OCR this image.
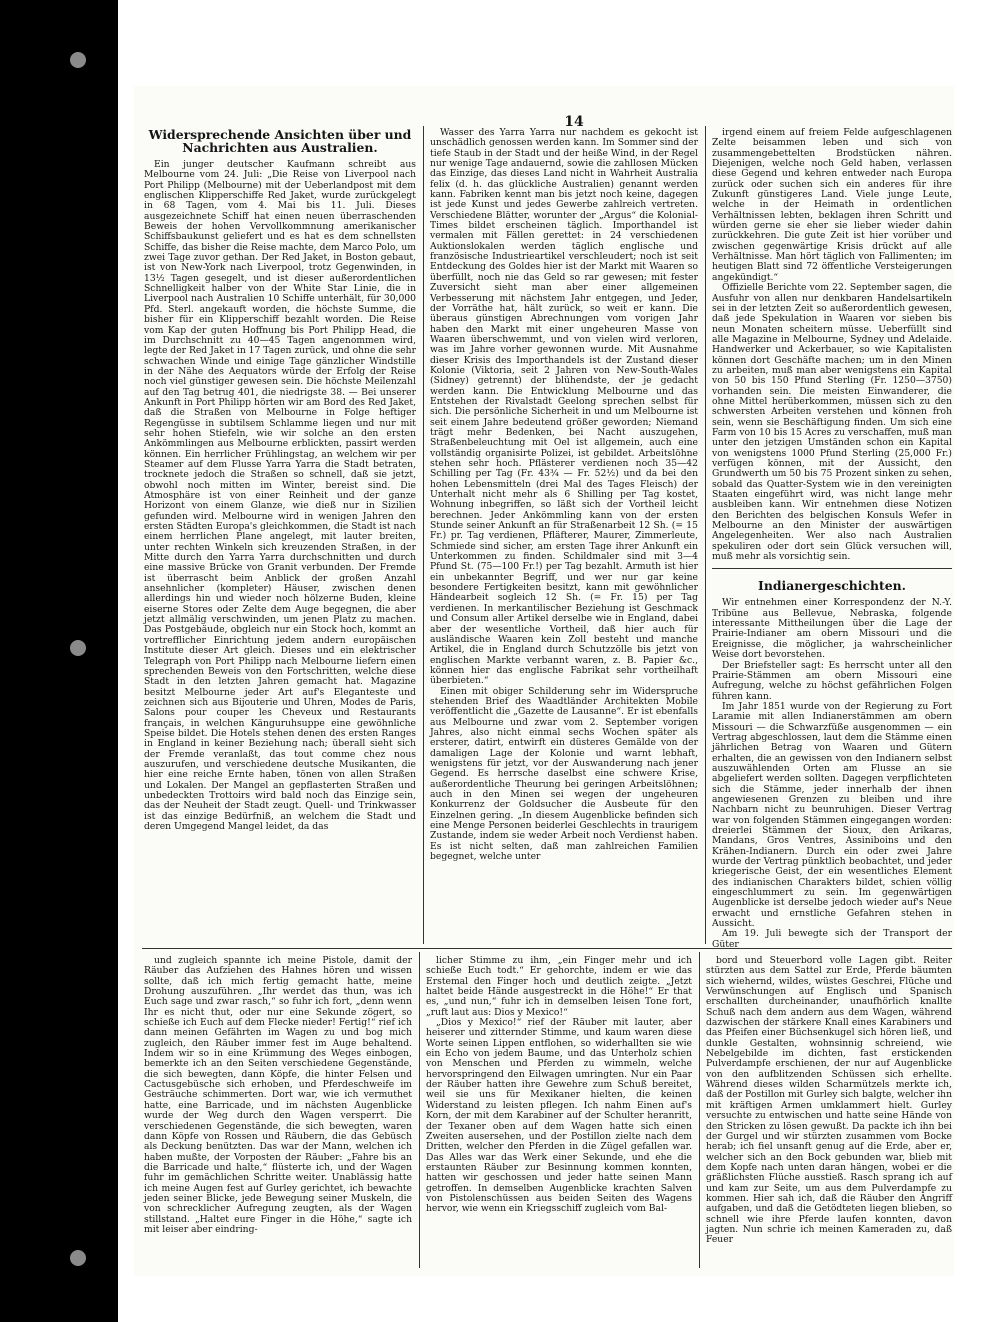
14
Widersprechende Ansichten über und Nachrichten aus Australien.

Ein junger deutscher Kaufmann schreibt aus Melbourne vom 24. Juli: „Die Reise von Liverpool nach Port Philipp (Melbourne) mit der Ueberlandpost mit dem englischen Klipperschiffe Red Jaket, wurde zurückgelegt in 68 Tagen, vom 4. Mai bis 11. Juli. Dieses ausgezeichnete Schiff hat einen neuen überraschenden Beweis der hohen Vervollkommnung amerikanischer Schiffsbaukunst geliefert und es hat es dem schnellsten Schiffe, das bisher die Reise machte, dem Marco Polo, um zwei Tage zuvor gethan. Der Red Jaket, in Boston gebaut, ist von New-York nach Liverpool, trotz Gegenwinden, in 13½ Tagen gesegelt, und ist dieser außerordentlichen Schnelligkeit halber von der White Star Linie, die in Liverpool nach Australien 10 Schiffe unterhält, für 30,000 Pfd. Sterl. angekauft worden, die höchste Summe, die bisher für ein Klipperschiff bezahlt worden. Die Reise vom Kap der guten Hoffnung bis Port Philipp Head, die im Durchschnitt zu 40—45 Tagen angenommen wird, legte der Red Jaket in 17 Tagen zurück, und ohne die sehr schwachen Winde und einige Tage gänzlicher Windstille in der Nähe des Aequators würde der Erfolg der Reise noch viel günstiger gewesen sein. Die höchste Meilenzahl auf den Tag betrug 401, die niedrigste 38. — Bei unserer Ankunft in Port Philipp hörten wir am Bord des Red Jaket, daß die Straßen von Melbourne in Folge heftiger Regengüsse in subtilsem Schlamme liegen und nur mit sehr hohen Stiefeln, wie wir solche an den ersten Ankömmlingen aus Melbourne erblickten, passirt werden können. Ein herrlicher Frühlingstag, an welchem wir per Steamer auf dem Flusse Yarra Yarra die Stadt betraten, trocknete jedoch die Straßen so schnell, daß sie jetzt, obwohl noch mitten im Winter, bereist sind. Die Atmosphäre ist von einer Reinheit und der ganze Horizont von einem Glanze, wie dieß nur in Sizilien gefunden wird. Melbourne wird in wenigen Jahren den ersten Städten Europa's gleichkommen, die Stadt ist nach einem herrlichen Plane angelegt, mit lauter breiten, unter rechten Winkeln sich kreuzenden Straßen, in der Mitte durch den Yarra Yarra durchschnitten und durch eine massive Brücke von Granit verbunden. Der Fremde ist überrascht beim Anblick der großen Anzahl ansehnlicher (kompleter) Häuser, zwischen denen allerdings hin und wieder noch hölzerne Buden, kleine eiserne Stores oder Zelte dem Auge begegnen, die aber jetzt allmälig verschwinden, um jenen Platz zu machen. Das Postgebäude, obgleich nur ein Stock hoch, kommt an vortrefflicher Einrichtung jedem andern europäischen Institute dieser Art gleich. Dieses und ein elektrischer Telegraph von Port Philipp nach Melbourne liefern einen sprechenden Beweis von den Fortschritten, welche diese Stadt in den letzten Jahren gemacht hat. Magazine besitzt Melbourne jeder Art auf's Eleganteste und zeichnen sich aus Bijouterie und Uhren, Modes de Paris, Salons pour couper les Cheveux und Restaurants français, in welchen Känguruhsuppe eine gewöhnliche Speise bildet. Die Hotels stehen denen des ersten Ranges in England in keiner Beziehung nach; überall sieht sich der Fremde veranlaßt, das tout comme chez nous auszurufen, und verschiedene deutsche Musikanten, die hier eine reiche Ernte haben, tönen von allen Straßen und Lokalen. Der Mangel an gepflasterten Straßen und unbedeckten Trottoirs wird bald noch das Einzige sein, das der Neuheit der Stadt zeugt. Quell- und Trinkwasser ist das einzige Bedürfniß, an welchem die Stadt und deren Umgegend Mangel leidet, da das

Wasser des Yarra Yarra nur nachdem es gekocht ist unschädlich genossen werden kann. Im Sommer sind der tiefe Staub in der Stadt und der heiße Wind, in der Regel nur wenige Tage andauernd, sowie die zahllosen Mücken das Einzige, das dieses Land nicht in Wahrheit Australia felix (d. h. das glückliche Australien) genannt werden kann. Fabriken kennt man bis jetzt noch keine, dagegen ist jede Kunst und jedes Gewerbe zahlreich vertreten. Verschiedene Blätter, worunter der „Argus“ die Kolonial-Times bildet erscheinen täglich. Importhandel ist vermalen mit Fällen gerettet: in 24 verschiedenen Auktionslokalen werden täglich englische und französische Industrieartikel verschleudert; noch ist seit Entdeckung des Goldes hier ist der Markt mit Waaren so überfüllt, noch nie das Geld so rar gewesen; mit fester Zuversicht sieht man aber einer allgemeinen Verbesserung mit nächstem Jahr entgegen, und Jeder, der Vorräthe hat, hält zurück, so weit er kann. Die überaus günstigen Abrechnungen vom vorigen Jahr haben den Markt mit einer ungeheuren Masse von Waaren überschwemmt, und von vielen wird verloren, was im Jahre vorher gewonnen wurde. Mit Ausnahme dieser Krisis des Importhandels ist der Zustand dieser Kolonie (Viktoria, seit 2 Jahren von New-South-Wales (Sidney) getrennt) der blühendste, der je gedacht werden kann. Die Entwicklung Melbourne und das Entstehen der Rivalstadt Geelong sprechen selbst für sich. Die persönliche Sicherheit in und um Melbourne ist seit einem Jahre bedeutend größer geworden; Niemand trägt mehr Bedenken, bei Nacht auszugehen, Straßenbeleuchtung mit Oel ist allgemein, auch eine vollständig organisirte Polizei, ist gebildet. Arbeitslöhne stehen sehr hoch. Pflästerer verdienen noch 35—42 Schilling per Tag (Fr. 43¾ — Fr. 52½) und da bei den hohen Lebensmitteln (drei Mal des Tages Fleisch) der Unterhalt nicht mehr als 6 Shilling per Tag kostet, Wohnung inbegriffen, so läßt sich der Vortheil leicht berechnen. Jeder Ankömmling kann von der ersten Stunde seiner Ankunft an für Straßenarbeit 12 Sh. (= 15 Fr.) pr. Tag verdienen, Pfläfterer, Maurer, Zimmerleute, Schmiede sind sicher, am ersten Tage ihrer Ankunft ein Unterkommen zu finden. Schildmaler sind mit 3—4 Pfund St. (75—100 Fr.!) per Tag bezahlt. Armuth ist hier ein unbekannter Begriff, und wer nur gar keine besondere Fertigkeiten besitzt, kann mit gewöhnlicher Händearbeit sogleich 12 Sh. (= Fr. 15) per Tag verdienen. In merkantilischer Beziehung ist Geschmack und Consum aller Artikel derselbe wie in England, dabei aber der wesentliche Vortheil, daß hier auch für ausländische Waaren kein Zoll besteht und manche Artikel, die in England durch Schutzzölle bis jetzt von englischen Markte verbannt waren, z. B. Papier &c., können hier das englische Fabrikat sehr vortheilhaft überbieten.“

Einen mit obiger Schilderung sehr im Widerspruche stehenden Brief des Waadtländer Architekten Mobile veröffentlicht die „Gazette de Lausanne“. Er ist ebenfalls aus Melbourne und zwar vom 2. September vorigen Jahres, also nicht einmal sechs Wochen später als ersterer, datirt, entwirft ein düsteres Gemälde von der damaligen Lage der Kolonie und warnt lebhaft, wenigstens für jetzt, vor der Auswanderung nach jener Gegend. Es herrsche daselbst eine schwere Krise, außerordentliche Theurung bei geringen Arbeitslöhnen; auch in den Minen sei wegen der ungeheuren Konkurrenz der Goldsucher die Ausbeute für den Einzelnen gering. „In diesem Augenblicke befinden sich eine Menge Personen beiderlei Geschlechts in traurigem Zustande, indem sie weder Arbeit noch Verdienst haben. Es ist nicht selten, daß man zahlreichen Familien begegnet, welche unter

irgend einem auf freiem Felde aufgeschlagenen Zelte beisammen leben und sich von zusammengebettelten Brodstücken nähren. Diejenigen, welche noch Geld haben, verlassen diese Gegend und kehren entweder nach Europa zurück oder suchen sich ein anderes für ihre Zukunft günstigeres Land. Viele junge Leute, welche in der Heimath in ordentlichen Verhältnissen lebten, beklagen ihren Schritt und würden gerne sie eher sie lieber wieder dahin zurückkehren. Die gute Zeit ist hier vorüber und zwischen gegenwärtige Krisis drückt auf alle Verhältnisse. Man hört täglich von Fallimenten; im heutigen Blatt sind 72 öffentliche Versteigerungen angekündigt.“

Offizielle Berichte vom 22. September sagen, die Ausfuhr von allen nur denkbaren Handelsartikeln sei in der letzten Zeit so außerordentlich gewesen, daß jede Spekulation in Waaren vor sieben bis neun Monaten scheitern müsse. Ueberfüllt sind alle Magazine in Melbourne, Sydney und Adelaide. Handwerker und Ackerbauer, so wie Kapitalisten können dort Geschäfte machen; um in den Minen zu arbeiten, muß man aber wenigstens ein Kapital von 50 bis 150 Pfund Sterling (Fr. 1250—3750) vorhanden sein. Die meisten Einwanderer, die ohne Mittel herüberkommen, müssen sich zu den schwersten Arbeiten verstehen und können froh sein, wenn sie Beschäftigung finden. Um sich eine Farm von 10 bis 15 Acres zu verschaffen, muß man unter den jetzigen Umständen schon ein Kapital von wenigstens 1000 Pfund Sterling (25,000 Fr.) verfügen können, mit der Aussicht, den Grundwerth um 50 bis 75 Prozent sinken zu sehen, sobald das Quatter-System wie in den vereinigten Staaten eingeführt wird, was nicht lange mehr ausbleiben kann. Wir entnehmen diese Notizen den Berichten des belgischen Konsuls Wefer in Melbourne an den Minister der auswärtigen Angelegenheiten. Wer also nach Australien spekuliren oder dort sein Glück versuchen will, muß mehr als vorsichtig sein.

Indianergeschichten.

Wir entnehmen einer Korrespondenz der N.-Y. Tribüne aus Bellevue, Nebraska, folgende interessante Mittheilungen über die Lage der Prairie-Indianer am obern Missouri und die Ereignisse, die möglicher, ja wahrscheinlicher Weise dort bevorstehen.

Der Briefsteller sagt: Es herrscht unter all den Prairie-Stämmen am obern Missouri eine Aufregung, welche zu höchst gefährlichen Folgen führen kann.

Im Jahr 1851 wurde von der Regierung zu Fort Laramie mit allen Indianerstämmen am obern Missouri — die Schwarzfüße ausgenommen — ein Vertrag abgeschlossen, laut dem die Stämme einen jährlichen Betrag von Waaren und Gütern erhalten, die an gewissen von den Indianern selbst auszuwählenden Orten am Flusse an sie abgeliefert werden sollten. Dagegen verpflichteten sich die Stämme, jeder innerhalb der ihnen angewiesenen Grenzen zu bleiben und ihre Nachbarn nicht zu beunruhigen. Dieser Vertrag war von folgenden Stämmen eingegangen worden: dreierlei Stämmen der Sioux, den Arikaras, Mandans, Gros Ventres, Assiniboins und den Krähen-Indianern. Durch ein oder zwei Jahre wurde der Vertrag pünktlich beobachtet, und jeder kriegerische Geist, der ein wesentliches Element des indianischen Charakters bildet, schien völlig eingeschlummert zu sein. Im gegenwärtigen Augenblicke ist derselbe jedoch wieder auf's Neue erwacht und ernstliche Gefahren stehen in Aussicht.

Am 19. Juli bewegte sich der Transport der Güter

und zugleich spannte ich meine Pistole, damit der Räuber das Aufziehen des Hahnes hören und wissen sollte, daß ich mich fertig gemacht hatte, meine Drohung auszuführen. „Ihr werdet das thun, was ich Euch sage und zwar rasch,“ so fuhr ich fort, „denn wenn Ihr es nicht thut, oder nur eine Sekunde zögert, so schieße ich Euch auf dem Flecke nieder! Fertig!“ rief ich dann meinen Gefährten im Wagen zu und bog mich zugleich, den Räuber immer fest im Auge behaltend. Indem wir so in eine Krümmung des Weges einbogen, bemerkte ich an den Seiten verschiedene Gegenstände, die sich bewegten, dann Köpfe, die hinter Felsen und Cactusgebüsche sich erhoben, und Pferdeschweife im Gesträuche schimmerten. Dort war, wie ich vermuthet hatte, eine Barricade, und im nächsten Augenblicke wurde der Weg durch den Wagen versperrt. Die verschiedenen Gegenstände, die sich bewegten, waren dann Köpfe von Rossen und Räubern, die das Gebüsch als Deckung benützten. Das war der Mann, welchen ich haben mußte, der Vorposten der Räuber: „Fahre bis an die Barricade und halte,“ flüsterte ich, und der Wagen fuhr im gemächlichen Schritte weiter. Unablässig hatte ich meine Augen fest auf Gurley gerichtet, ich bewachte jeden seiner Blicke, jede Bewegung seiner Muskeln, die von schrecklicher Aufregung zeugten, als der Wagen stillstand. „Haltet eure Finger in die Höhe,“ sagte ich mit leiser aber eindring-

licher Stimme zu ihm, „ein Finger mehr und ich schieße Euch todt.“ Er gehorchte, indem er wie das Erstemal den Finger hoch und deutlich zeigte. „Jetzt haltet beide Hände ausgestreckt in die Höhe!“ Er that es, „und nun,“ fuhr ich in demselben leisen Tone fort, „ruft laut aus: Dios y Mexico!“

„Dios y Mexico!“ rief der Räuber mit lauter, aber heiserer und zitternder Stimme, und kaum waren diese Worte seinen Lippen entflohen, so widerhallten sie wie ein Echo von jedem Baume, und das Unterholz schien von Menschen und Pferden zu wimmeln, welche hervorspringend den Eilwagen umringten. Nur ein Paar der Räuber hatten ihre Gewehre zum Schuß bereitet, weil sie uns für Mexikaner hielten, die keinen Widerstand zu leisten pflegen. Ich nahm Einen auf's Korn, der mit dem Karabiner auf der Schulter heranritt, der Texaner oben auf dem Wagen hatte sich einen Zweiten ausersehen, und der Postillon zielte nach dem Dritten, welcher den Pferden in die Zügel gefallen war. Das Alles war das Werk einer Sekunde, und ehe die erstaunten Räuber zur Besinnung kommen konnten, hatten wir geschossen und jeder hatte seinen Mann getroffen. In demselben Augenblicke krachten Salven von Pistolenschüssen aus beiden Seiten des Wagens hervor, wie wenn ein Kriegsschiff zugleich vom Bal-

bord und Steuerbord volle Lagen gibt. Reiter stürzten aus dem Sattel zur Erde, Pferde bäumten sich wiehernd, wildes, wüstes Geschrei, Flüche und Verwünschungen auf Englisch und Spanisch erschallten durcheinander, unaufhörlich knallte Schuß nach dem andern aus dem Wagen, während dazwischen der stärkere Knall eines Karabiners und das Pfeifen einer Büchsenkugel sich hören ließ, und dunkle Gestalten, wohnsinnig schreiend, wie Nebelgebilde im dichten, fast erstickenden Pulverdampfe erschienen, der nur auf Augenblicke von den aufblitzenden Schüssen sich erhellte. Während dieses wilden Scharmützels merkte ich, daß der Postillon mit Gurley sich balgte, welcher ihn mit kräftigen Armen umklammert hielt. Gurley versuchte zu entwischen und hatte seine Hände von den Stricken zu lösen gewußt. Da packte ich ihn bei der Gurgel und wir stürzten zusammen vom Bocke herab; ich fiel unsanft genug auf die Erde, aber er, welcher sich an den Bock gebunden war, blieb mit dem Kopfe nach unten daran hängen, wobei er die gräßlichsten Flüche ausstieß. Rasch sprang ich auf und kam zur Seite, um aus dem Pulverdampfe zu kommen. Hier sah ich, daß die Räuber den Angriff aufgaben, und daß die Getödteten liegen blieben, so schnell wie ihre Pferde laufen konnten, davon jagten. Nun schrie ich meinen Kameraden zu, daß Feuer
